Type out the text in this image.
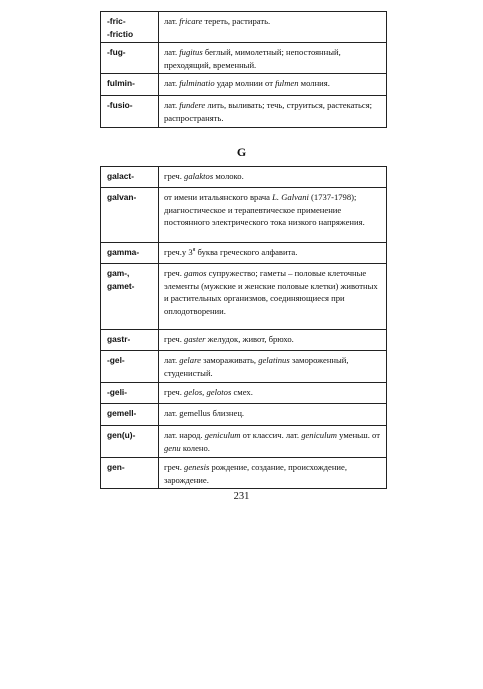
-fric-
-frictio	лат. fricare тереть, растирать.

-fug-	лат. fugitus беглый, мимолетный; непостоянный, преходящий, временный.

fulmin-	лат. fulminatio удар молнии от fulmen молния.

-fusio-	лат. fundere лить, выливать; течь, струиться, растекаться; распространять.
G
galact-	греч. galaktos молоко.

galvan-	от имени итальянского врача L. Galvani (1737-1798); диагностическое и терапевтическое применение постоянного электрического тока низкого напряжения.

gamma-	греч.у $3^я$ буква греческого алфавита.

gam-,
gamet-	греч. gamos супружество; гаметы – половые клеточные элементы (мужские и женские половые клетки) животных и растительных организмов, соединяющиеся при оплодотворении.

gastr-	греч. gaster желудок, живот, брюхо.

-gel-	лат. gelare замораживать, gelatinus замороженный, студенистый.

-geli-	греч. gelos, gelotos смех.

gemell-	лат. gemellus близнец.

gen(u)-	лат. народ. geniculum от классич. лат. geniculum уменьш. от genu колено.

gen-	греч. genesis рождение, создание, происхождение, зарождение.
231
